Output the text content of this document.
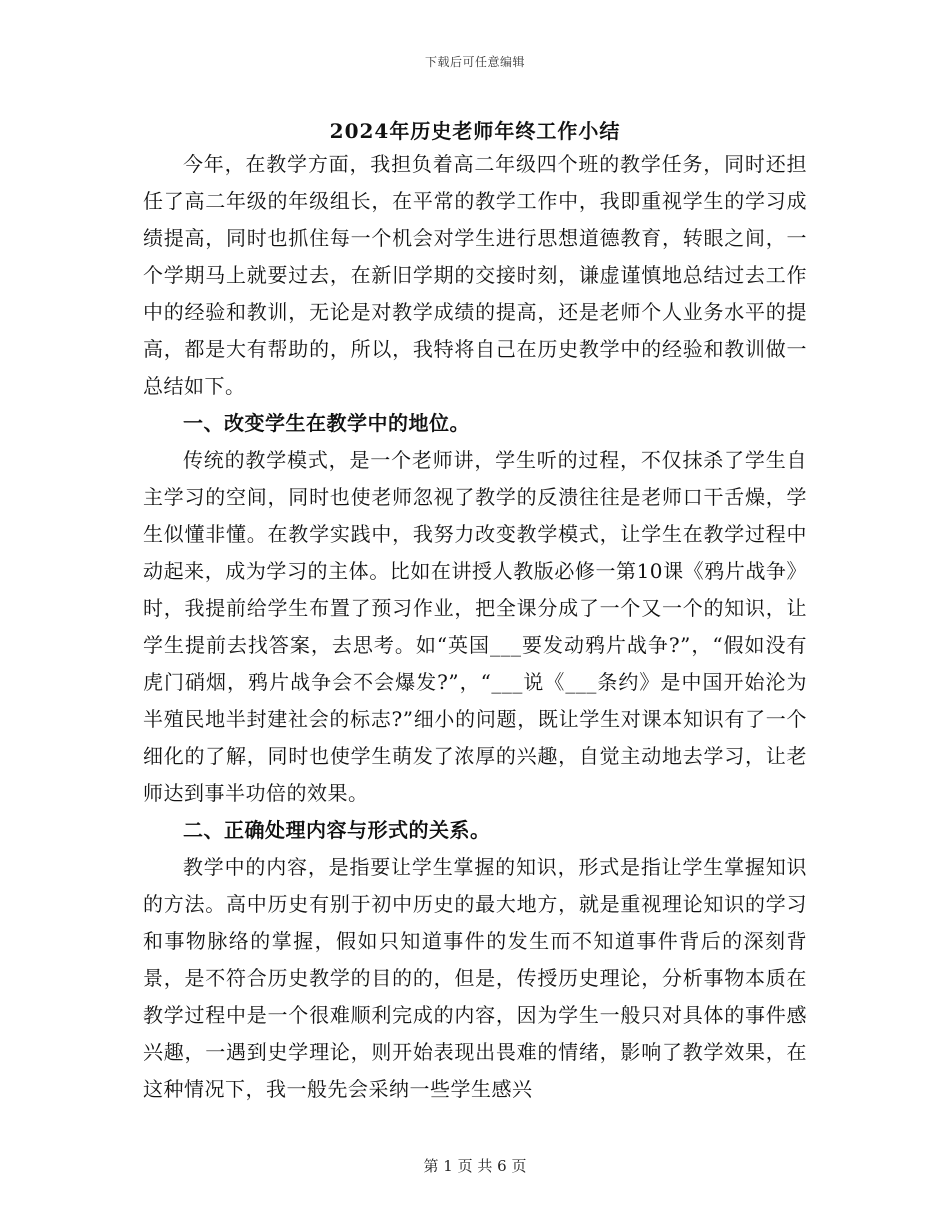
下载后可任意编辑
2024年历史老师年终工作小结

今年，在教学方面，我担负着高二年级四个班的教学任务，同时还担任了高二年级的年级组长，在平常的教学工作中，我即重视学生的学习成绩提高，同时也抓住每一个机会对学生进行思想道德教育，转眼之间，一个学期马上就要过去，在新旧学期的交接时刻，谦虚谨慎地总结过去工作中的经验和教训，无论是对教学成绩的提高，还是老师个人业务水平的提高，都是大有帮助的，所以，我特将自己在历史教学中的经验和教训做一总结如下。

一、改变学生在教学中的地位。

传统的教学模式，是一个老师讲，学生听的过程，不仅抹杀了学生自主学习的空间，同时也使老师忽视了教学的反溃往往是老师口干舌燥，学生似懂非懂。在教学实践中，我努力改变教学模式，让学生在教学过程中动起来，成为学习的主体。比如在讲授人教版必修一第10课《鸦片战争》时，我提前给学生布置了预习作业，把全课分成了一个又一个的知识，让学生提前去找答案，去思考。如“英国___要发动鸦片战争?”，“假如没有虎门硝烟，鸦片战争会不会爆发?”，“___说《___条约》是中国开始沦为半殖民地半封建社会的标志?”细小的问题，既让学生对课本知识有了一个细化的了解，同时也使学生萌发了浓厚的兴趣，自觉主动地去学习，让老师达到事半功倍的效果。

二、正确处理内容与形式的关系。

教学中的内容，是指要让学生掌握的知识，形式是指让学生掌握知识的方法。高中历史有别于初中历史的最大地方，就是重视理论知识的学习和事物脉络的掌握，假如只知道事件的发生而不知道事件背后的深刻背景，是不符合历史教学的目的的，但是，传授历史理论，分析事物本质在教学过程中是一个很难顺利完成的内容，因为学生一般只对具体的事件感兴趣，一遇到史学理论，则开始表现出畏难的情绪，影响了教学效果，在这种情况下，我一般先会采纳一些学生感兴

第 1 页 共 6 页
